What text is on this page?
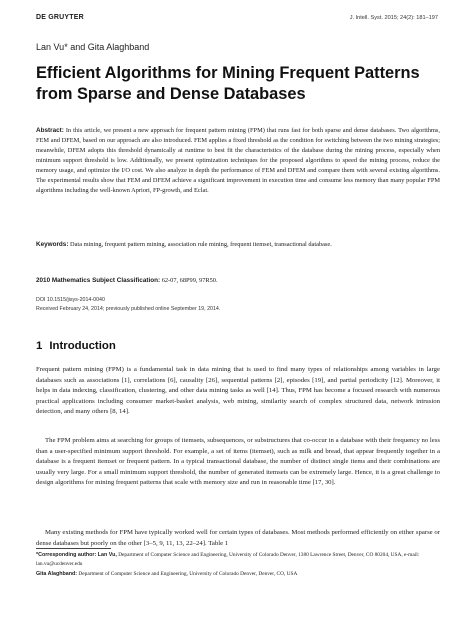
DE GRUYTER	J. Intell. Syst. 2015; 24(2): 181–197
Lan Vu* and Gita Alaghband
Efficient Algorithms for Mining Frequent Patterns from Sparse and Dense Databases

Abstract: In this article, we present a new approach for frequent pattern mining (FPM) that runs fast for both sparse and dense databases. Two algorithms, FEM and DFEM, based on our approach are also introduced. FEM applies a fixed threshold as the condition for switching between the two mining strategies; meanwhile, DFEM adopts this threshold dynamically at runtime to best fit the characteristics of the database during the mining process, especially when minimum support threshold is low. Additionally, we present optimization techniques for the proposed algorithms to speed the mining process, reduce the memory usage, and optimize the I/O cost. We also analyze in depth the performance of FEM and DFEM and compare them with several existing algorithms. The experimental results show that FEM and DFEM achieve a significant improvement in execution time and consume less memory than many popular FPM algorithms including the well-known Apriori, FP-growth, and Eclat.

Keywords: Data mining, frequent pattern mining, association rule mining, frequent itemset, transactional database.

2010 Mathematics Subject Classification: 62-07, 68P99, 97R50.

DOI 10.1515/jisys-2014-0040

Received February 24, 2014; previously published online September 19, 2014.

1 Introduction

Frequent pattern mining (FPM) is a fundamental task in data mining that is used to find many types of relationships among variables in large databases such as associations [1], correlations [6], causality [26], sequential patterns [2], episodes [19], and partial periodicity [12]. Moreover, it helps in data indexing, classification, clustering, and other data mining tasks as well [14]. Thus, FPM has become a focused research with numerous practical applications including consumer market-basket analysis, web mining, similarity search of complex structured data, network intrusion detection, and many others [8, 14].

The FPM problem aims at searching for groups of itemsets, subsequences, or substructures that co-occur in a database with their frequency no less than a user-specified minimum support threshold. For example, a set of items (itemset), such as milk and bread, that appear frequently together in a database is a frequent itemset or frequent pattern. In a typical transactional database, the number of distinct single items and their combinations are usually very large. For a small minimum support threshold, the number of generated itemsets can be extremely large. Hence, it is a great challenge to design algorithms for mining frequent patterns that scale with memory size and run in reasonable time [17, 30].

Many existing methods for FPM have typically worked well for certain types of databases. Most methods performed efficiently on either sparse or dense databases but poorly on the other [3–5, 9, 11, 13, 22–24]. Table 1

*Corresponding author: Lan Vu, Department of Computer Science and Engineering, University of Colorado Denver, 1380 Lawrence Street, Denver, CO 80204, USA, e-mail: lan.vu@ucdenver.edu

Gita Alaghband: Department of Computer Science and Engineering, University of Colorado Denver, Denver, CO, USA
